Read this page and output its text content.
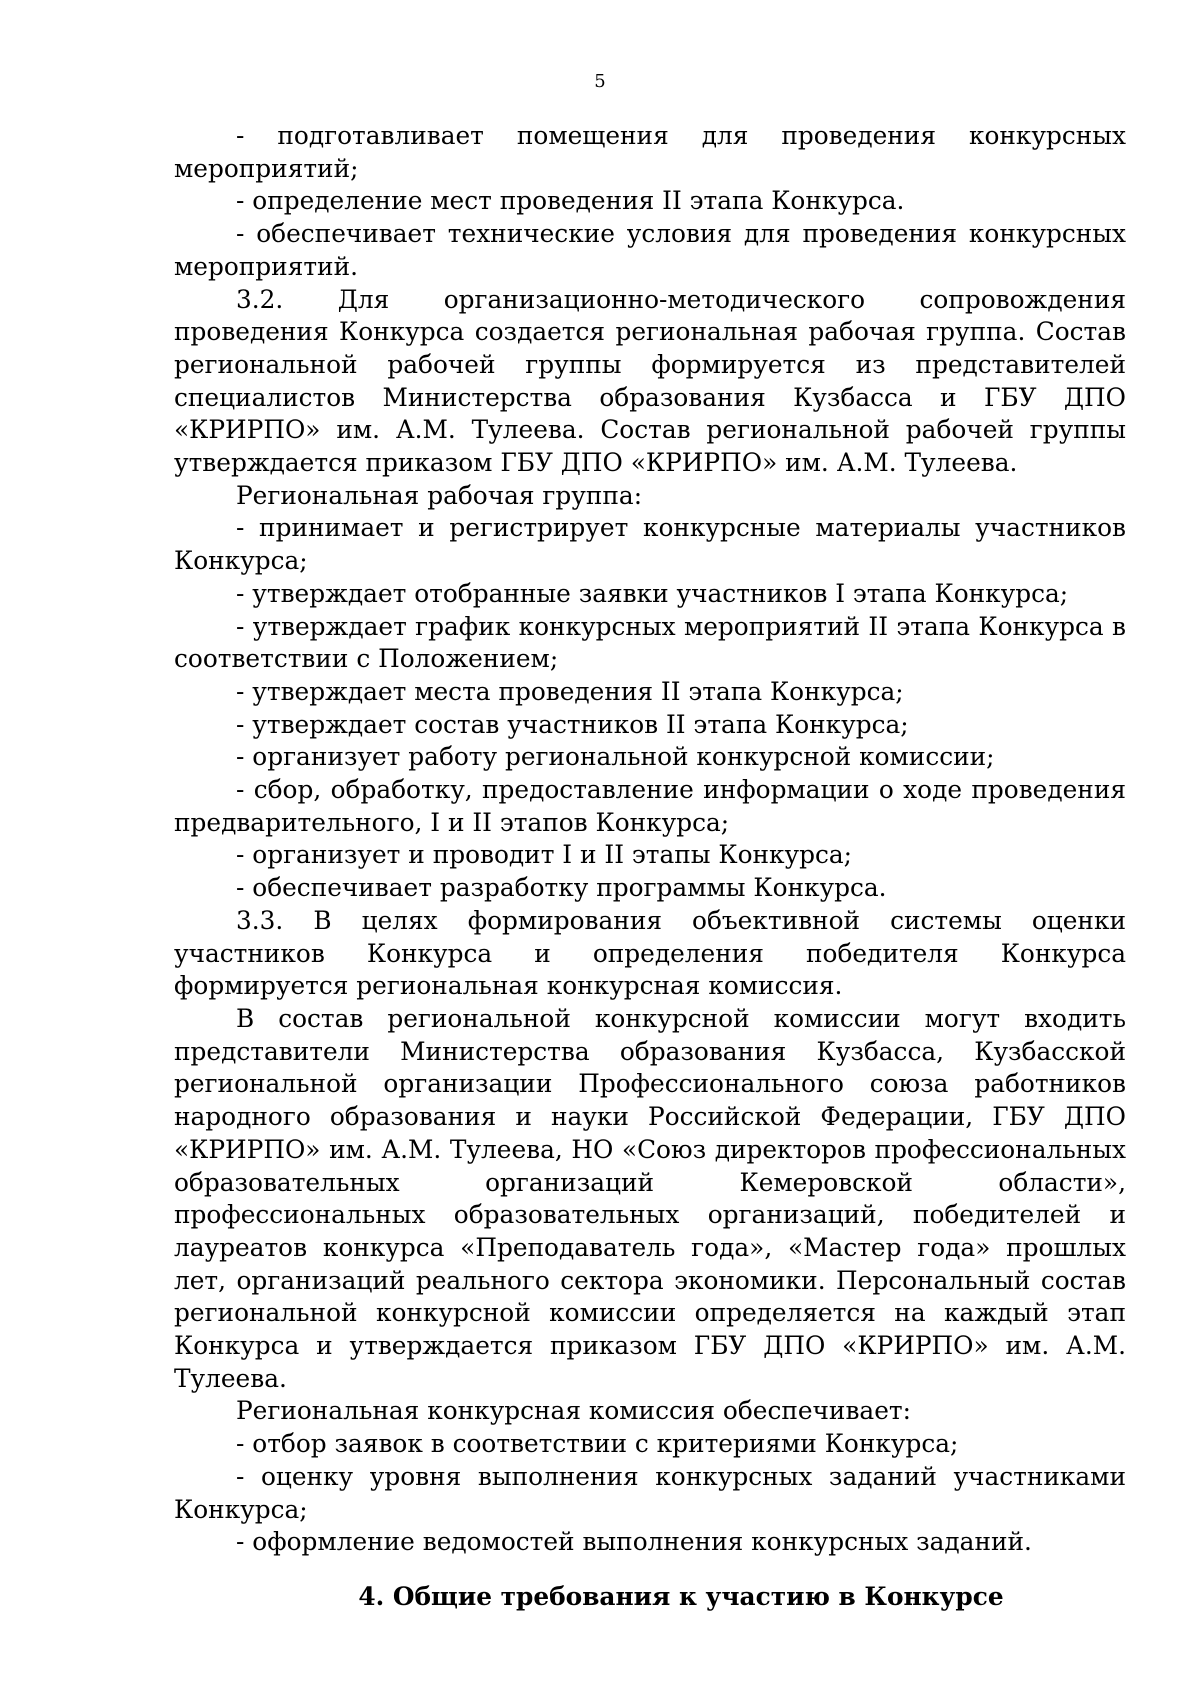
5

- подготавливает помещения для проведения конкурсных мероприятий;

- определение мест проведения II этапа Конкурса.

- обеспечивает технические условия для проведения конкурсных мероприятий.

3.2. Для организационно-методического сопровождения проведения Конкурса создается региональная рабочая группа. Состав региональной рабочей группы формируется из представителей специалистов Министерства образования Кузбасса и ГБУ ДПО «КРИРПО» им. А.М. Тулеева. Состав региональной рабочей группы утверждается приказом ГБУ ДПО «КРИРПО» им. А.М. Тулеева.

Региональная рабочая группа:

- принимает и регистрирует конкурсные материалы участников Конкурса;

- утверждает отобранные заявки участников I этапа Конкурса;

- утверждает график конкурсных мероприятий II этапа Конкурса в соответствии с Положением;

- утверждает места проведения II этапа Конкурса;

- утверждает состав участников II этапа Конкурса;

- организует работу региональной конкурсной комиссии;

- сбор, обработку, предоставление информации о ходе проведения предварительного, I и II этапов Конкурса;

- организует и проводит I и II этапы Конкурса;

- обеспечивает разработку программы Конкурса.

3.3. В целях формирования объективной системы оценки участников Конкурса и определения победителя Конкурса формируется региональная конкурсная комиссия.

В состав региональной конкурсной комиссии могут входить представители Министерства образования Кузбасса, Кузбасской региональной организации Профессионального союза работников народного образования и науки Российской Федерации, ГБУ ДПО «КРИРПО» им. А.М. Тулеева, НО «Союз директоров профессиональных образовательных организаций Кемеровской области», профессиональных образовательных организаций, победителей и лауреатов конкурса «Преподаватель года», «Мастер года» прошлых лет, организаций реального сектора экономики. Персональный состав региональной конкурсной комиссии определяется на каждый этап Конкурса и утверждается приказом ГБУ ДПО «КРИРПО» им. А.М. Тулеева.

Региональная конкурсная комиссия обеспечивает:

- отбор заявок в соответствии с критериями Конкурса;

- оценку уровня выполнения конкурсных заданий участниками Конкурса;

- оформление ведомостей выполнения конкурсных заданий.

4. Общие требования к участию в Конкурсе
